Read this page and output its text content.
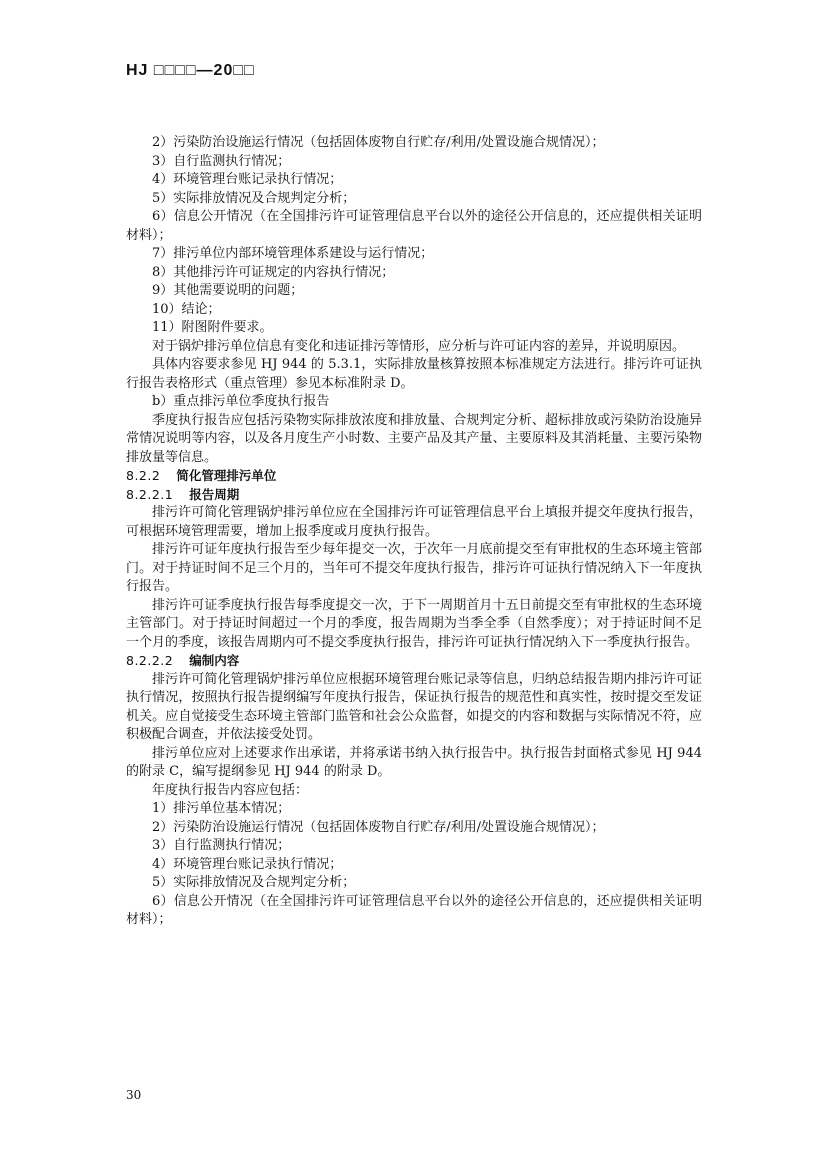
HJ □□□□—20□□

2）污染防治设施运行情况（包括固体废物自行贮存/利用/处置设施合规情况）；

3）自行监测执行情况；

4）环境管理台账记录执行情况；

5）实际排放情况及合规判定分析；

6）信息公开情况（在全国排污许可证管理信息平台以外的途径公开信息的，还应提供相关证明材料）；

7）排污单位内部环境管理体系建设与运行情况；

8）其他排污许可证规定的内容执行情况；

9）其他需要说明的问题；

10）结论；

11）附图附件要求。

对于锅炉排污单位信息有变化和违证排污等情形，应分析与许可证内容的差异，并说明原因。

具体内容要求参见 HJ 944 的 5.3.1，实际排放量核算按照本标准规定方法进行。排污许可证执行报告表格形式（重点管理）参见本标准附录 D。

b）重点排污单位季度执行报告

季度执行报告应包括污染物实际排放浓度和排放量、合规判定分析、超标排放或污染防治设施异常情况说明等内容，以及各月度生产小时数、主要产品及其产量、主要原料及其消耗量、主要污染物排放量等信息。

8.2.2 简化管理排污单位

8.2.2.1 报告周期

排污许可简化管理锅炉排污单位应在全国排污许可证管理信息平台上填报并提交年度执行报告，可根据环境管理需要，增加上报季度或月度执行报告。

排污许可证年度执行报告至少每年提交一次，于次年一月底前提交至有审批权的生态环境主管部门。对于持证时间不足三个月的，当年可不提交年度执行报告，排污许可证执行情况纳入下一年度执行报告。

排污许可证季度执行报告每季度提交一次，于下一周期首月十五日前提交至有审批权的生态环境主管部门。对于持证时间超过一个月的季度，报告周期为当季全季（自然季度）；对于持证时间不足一个月的季度，该报告周期内可不提交季度执行报告，排污许可证执行情况纳入下一季度执行报告。

8.2.2.2 编制内容

排污许可简化管理锅炉排污单位应根据环境管理台账记录等信息，归纳总结报告期内排污许可证执行情况，按照执行报告提纲编写年度执行报告，保证执行报告的规范性和真实性，按时提交至发证机关。应自觉接受生态环境主管部门监管和社会公众监督，如提交的内容和数据与实际情况不符，应积极配合调查，并依法接受处罚。

排污单位应对上述要求作出承诺，并将承诺书纳入执行报告中。执行报告封面格式参见 HJ 944 的附录 C，编写提纲参见 HJ 944 的附录 D。

年度执行报告内容应包括：

1）排污单位基本情况；

2）污染防治设施运行情况（包括固体废物自行贮存/利用/处置设施合规情况）；

3）自行监测执行情况；

4）环境管理台账记录执行情况；

5）实际排放情况及合规判定分析；

6）信息公开情况（在全国排污许可证管理信息平台以外的途径公开信息的，还应提供相关证明材料）；

30
